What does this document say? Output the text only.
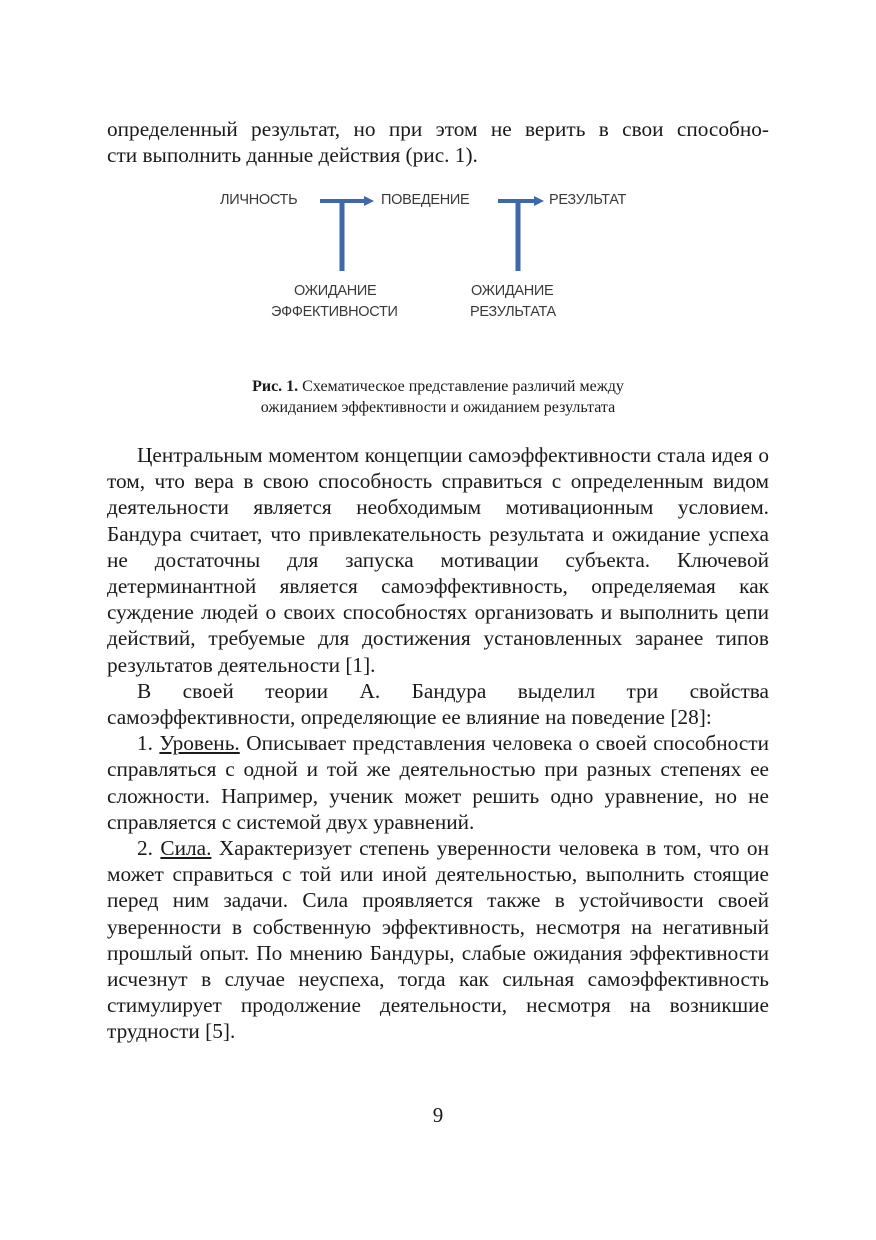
определенный результат, но при этом не верить в свои способно-

сти выполнить данные действия (рис. 1).

ЛИЧНОСТЬ	ПОВЕДЕНИЕ	РЕЗУЛЬТАТ
ОЖИДАНИЕ
ЭФФЕКТИВНОСТИ
ОЖИДАНИЕ
РЕЗУЛЬТАТА
Рис. 1. Схематическое представление различий между
ожиданием эффективности и ожиданием результата

Центральным моментом концепции самоэффективности стала идея о том, что вера в свою способность справиться с определенным видом деятельности является необходимым мотивационным условием. Бандура считает, что привлекательность результата и ожидание успеха не достаточны для запуска мотивации субъекта. Ключевой детерминантной является самоэффективность, определяемая как суждение людей о своих способностях организовать и выполнить цепи действий, требуемые для достижения установленных заранее типов результатов деятельности [1].

В своей теории А. Бандура выделил три свойства самоэффективности, определяющие ее влияние на поведение [28]:

1. Уровень. Описывает представления человека о своей способности справляться с одной и той же деятельностью при разных степенях ее сложности. Например, ученик может решить одно уравнение, но не справляется с системой двух уравнений.

2. Сила. Характеризует степень уверенности человека в том, что он может справиться с той или иной деятельностью, выполнить стоящие перед ним задачи. Сила проявляется также в устойчивости своей уверенности в собственную эффективность, несмотря на негативный прошлый опыт. По мнению Бандуры, слабые ожидания эффективности исчезнут в случае неуспеха, тогда как сильная самоэффективность стимулирует продолжение деятельности, несмотря на возникшие трудности [5].

9
